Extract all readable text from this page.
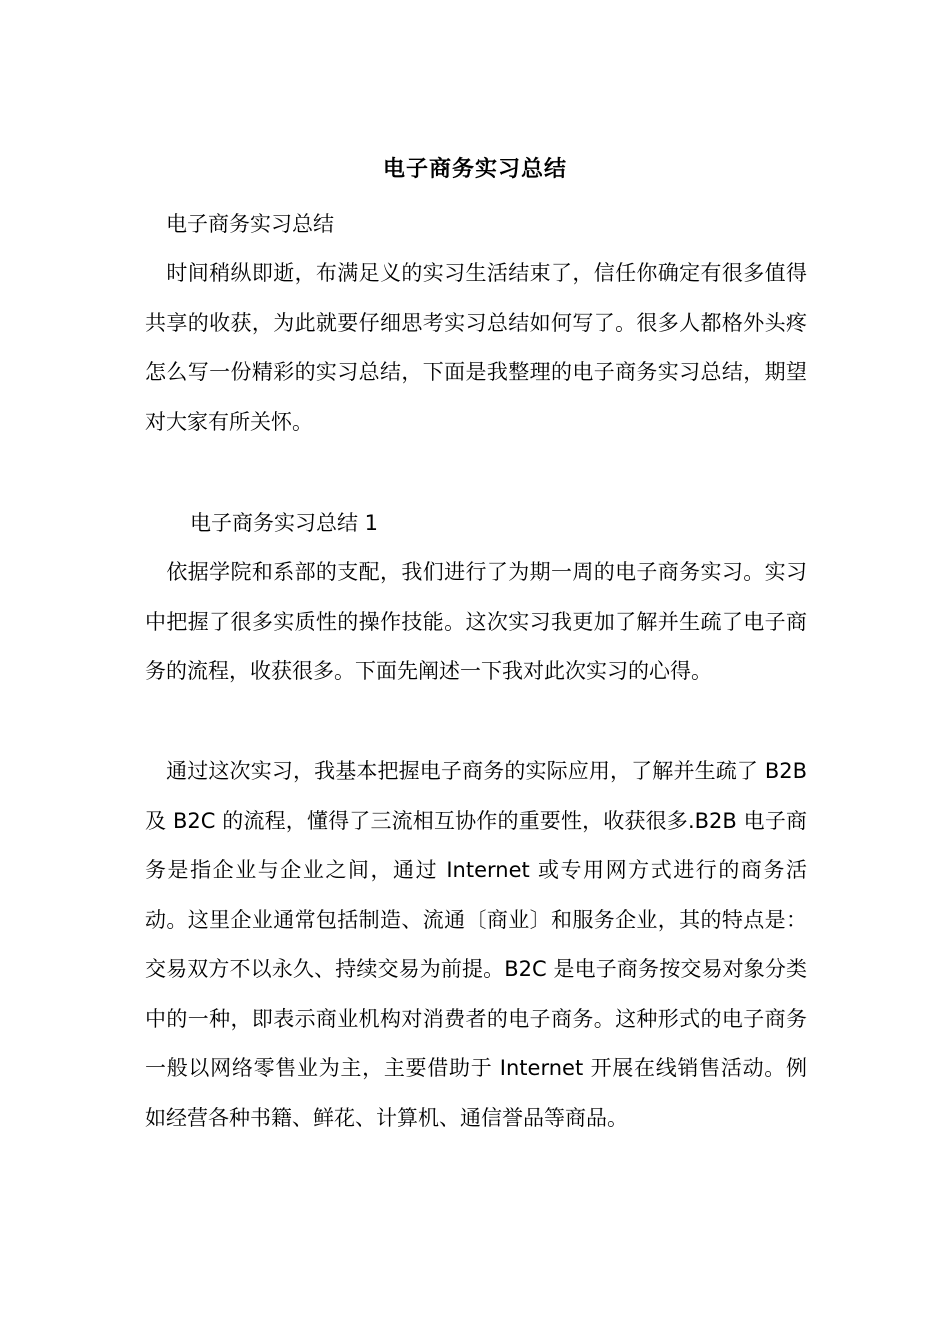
电子商务实习总结

电子商务实习总结

时间稍纵即逝，布满足义的实习生活结束了，信任你确定有很多值得共享的收获，为此就要仔细思考实习总结如何写了。很多人都格外头疼怎么写一份精彩的实习总结，下面是我整理的电子商务实习总结，期望对大家有所关怀。

电子商务实习总结 1

依据学院和系部的支配，我们进行了为期一周的电子商务实习。实习中把握了很多实质性的操作技能。这次实习我更加了解并生疏了电子商务的流程，收获很多。下面先阐述一下我对此次实习的心得。

通过这次实习，我基本把握电子商务的实际应用，了解并生疏了 B2B 及 B2C 的流程，懂得了三流相互协作的重要性，收获很多.B2B 电子商务是指企业与企业之间，通过 Internet 或专用网方式进行的商务活动。这里企业通常包括制造、流通〔商业〕和服务企业，其的特点是：交易双方不以永久、持续交易为前提。B2C 是电子商务按交易对象分类中的一种，即表示商业机构对消费者的电子商务。这种形式的电子商务一般以网络零售业为主，主要借助于 Internet 开展在线销售活动。例如经营各种书籍、鲜花、计算机、通信誉品等商品。
